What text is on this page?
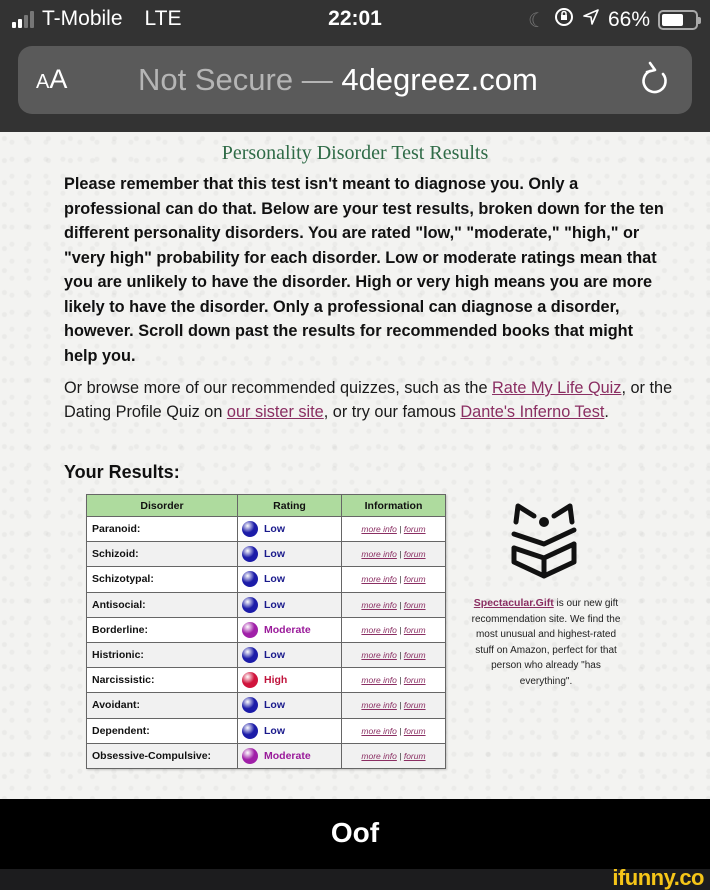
T-Mobile LTE	22:01	☾	66%
AA Not Secure — 4degreez.com
Personality Disorder Test Results

Please remember that this test isn't meant to diagnose you. Only a professional can do that. Below are your test results, broken down for the ten different personality disorders. You are rated "low," "moderate," "high," or "very high" probability for each disorder. Low or moderate ratings mean that you are unlikely to have the disorder. High or very high means you are more likely to have the disorder. Only a professional can diagnose a disorder, however. Scroll down past the results for recommended books that might help you.

Or browse more of our recommended quizzes, such as the Rate My Life Quiz, or the Dating Profile Quiz on our sister site, or try our famous Dante's Inferno Test.

Your Results:
Disorder	Rating	Information
Paranoid:	Low	more info | forum
Schizoid:	Low	more info | forum
Schizotypal:	Low	more info | forum
Antisocial:	Low	more info | forum
Borderline:	Moderate	more info | forum
Histrionic:	Low	more info | forum
Narcissistic:	High	more info | forum
Avoidant:	Low	more info | forum
Dependent:	Low	more info | forum
Obsessive-Compulsive:	Moderate	more info | forum
Spectacular.Gift is our new gift recommendation site. We find the most unusual and highest-rated stuff on Amazon, perfect for that person who already "has everything".
Oof
ifunny.co
